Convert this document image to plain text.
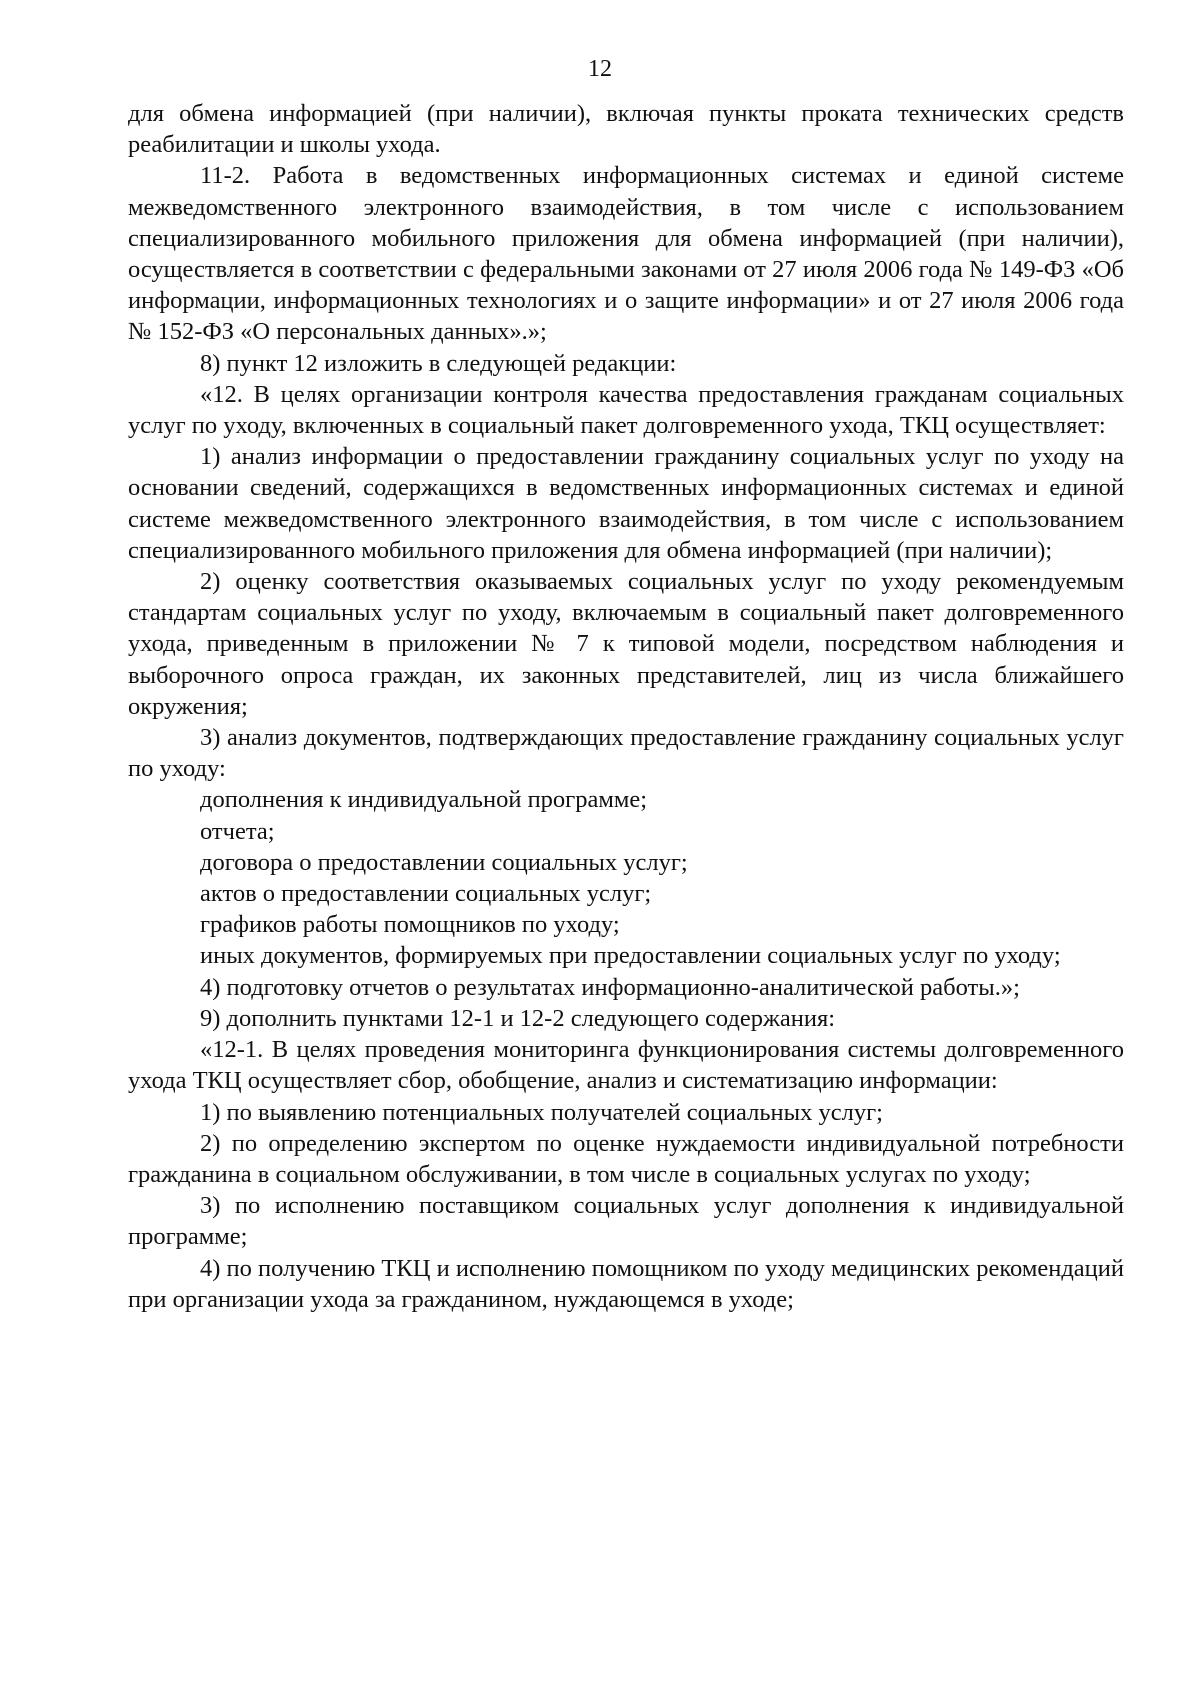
12

для обмена информацией (при наличии), включая пункты проката технических средств реабилитации и школы ухода.

11-2. Работа в ведомственных информационных системах и единой системе межведомственного электронного взаимодействия, в том числе с использованием специализированного мобильного приложения для обмена информацией (при наличии), осуществляется в соответствии с федеральными законами от 27 июля 2006 года № 149-ФЗ «Об информации, информационных технологиях и о защите информации» и от 27 июля 2006 года № 152-ФЗ «О персональных данных».»;

8) пункт 12 изложить в следующей редакции:

«12. В целях организации контроля качества предоставления гражданам социальных услуг по уходу, включенных в социальный пакет долговременного ухода, ТКЦ осуществляет:

1) анализ информации о предоставлении гражданину социальных услуг по уходу на основании сведений, содержащихся в ведомственных информационных системах и единой системе межведомственного электронного взаимодействия, в том числе с использованием специализированного мобильного приложения для обмена информацией (при наличии);

2) оценку соответствия оказываемых социальных услуг по уходу рекомендуемым стандартам социальных услуг по уходу, включаемым в социальный пакет долговременного ухода, приведенным в приложении № 7 к типовой модели, посредством наблюдения и выборочного опроса граждан, их законных представителей, лиц из числа ближайшего окружения;

3) анализ документов, подтверждающих предоставление гражданину социальных услуг по уходу:

дополнения к индивидуальной программе;

отчета;

договора о предоставлении социальных услуг;

актов о предоставлении социальных услуг;

графиков работы помощников по уходу;

иных документов, формируемых при предоставлении социальных услуг по уходу;

4) подготовку отчетов о результатах информационно-аналитической работы.»;

9) дополнить пунктами 12-1 и 12-2 следующего содержания:

«12-1. В целях проведения мониторинга функционирования системы долговременного ухода ТКЦ осуществляет сбор, обобщение, анализ и систематизацию информации:

1) по выявлению потенциальных получателей социальных услуг;

2) по определению экспертом по оценке нуждаемости индивидуальной потребности гражданина в социальном обслуживании, в том числе в социальных услугах по уходу;

3) по исполнению поставщиком социальных услуг дополнения к индивидуальной программе;

4) по получению ТКЦ и исполнению помощником по уходу медицинских рекомендаций при организации ухода за гражданином, нуждающемся в уходе;
